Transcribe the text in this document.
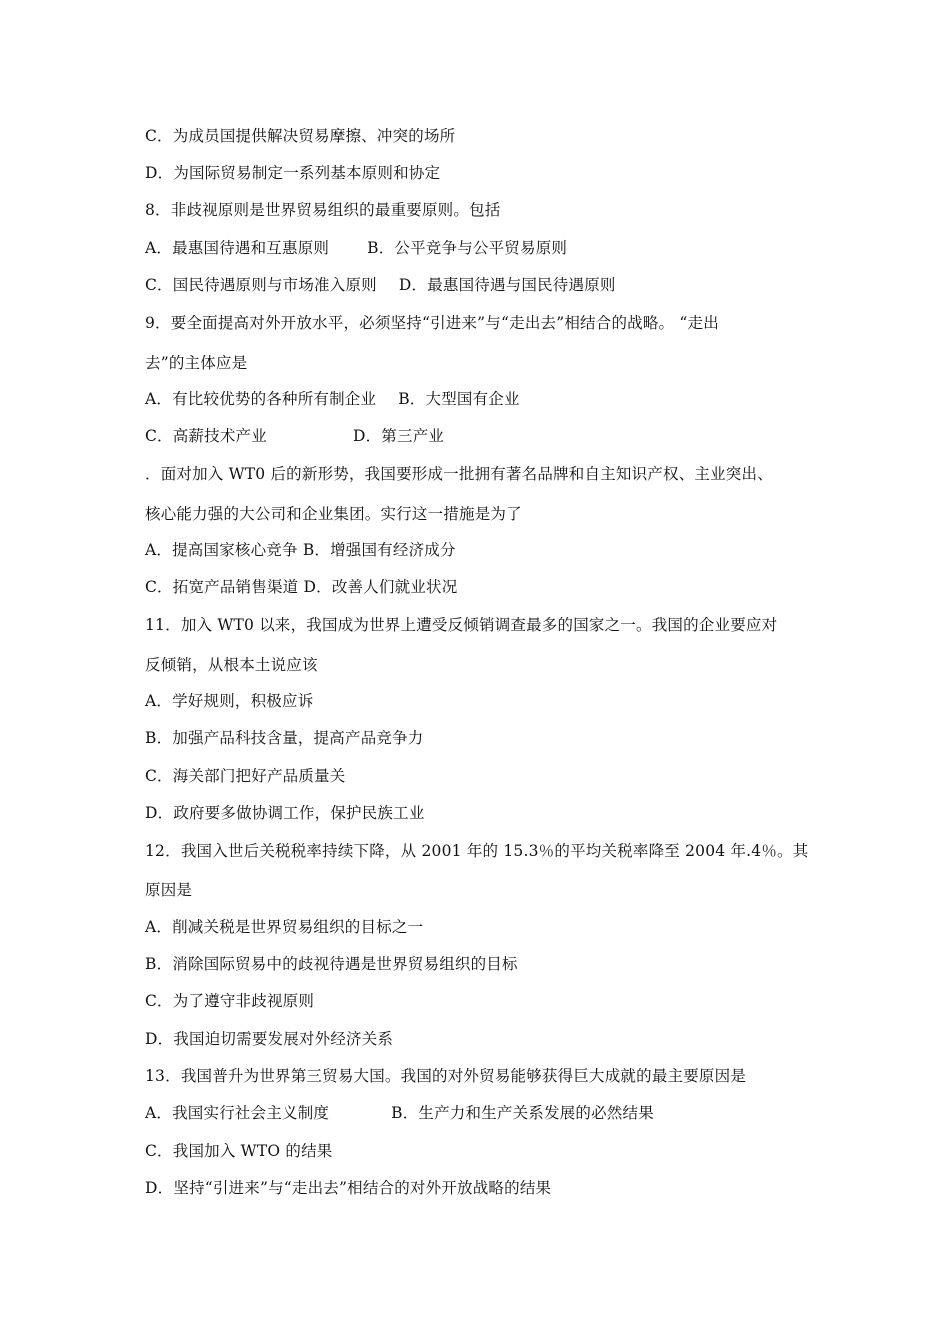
C．为成员国提供解决贸易摩擦、冲突的场所
D．为国际贸易制定一系列基本原则和协定
8．非歧视原则是世界贸易组织的最重要原则。包括
A．最惠国待遇和互惠原则 B．公平竞争与公平贸易原则
C．国民待遇原则与市场准入原则 D．最惠国待遇与国民待遇原则
9．要全面提高对外开放水平，必须坚持“引进来”与“走出去”相结合的战略。 “走出
去”的主体应是
A．有比较优势的各种所有制企业 B．大型国有企业
C．高薪技术产业	D．第三产业
．面对加入 WT0 后的新形势，我国要形成一批拥有著名品牌和自主知识产权、主业突出、
核心能力强的大公司和企业集团。实行这一措施是为了
A．提高国家核心竞争 B．增强国有经济成分
C．拓宽产品销售渠道 D．改善人们就业状况
11．加入 WT0 以来，我国成为世界上遭受反倾销调查最多的国家之一。我国的企业要应对
反倾销，从根本土说应该
A．学好规则，积极应诉
B．加强产品科技含量，提高产品竞争力
C．海关部门把好产品质量关
D．政府要多做协调工作，保护民族工业
12．我国入世后关税税率持续下降，从 2001 年的 15.3％的平均关税率降至 2004 年.4％。其
原因是
A．削减关税是世界贸易组织的目标之一
B．消除国际贸易中的歧视待遇是世界贸易组织的目标
C．为了遵守非歧视原则
D．我国迫切需要发展对外经济关系
13．我国普升为世界第三贸易大国。我国的对外贸易能够获得巨大成就的最主要原因是
A．我国实行社会主义制度	B．生产力和生产关系发展的必然结果
C．我国加入 WTO 的结果
D．坚持“引进来”与“走出去”相结合的对外开放战略的结果
